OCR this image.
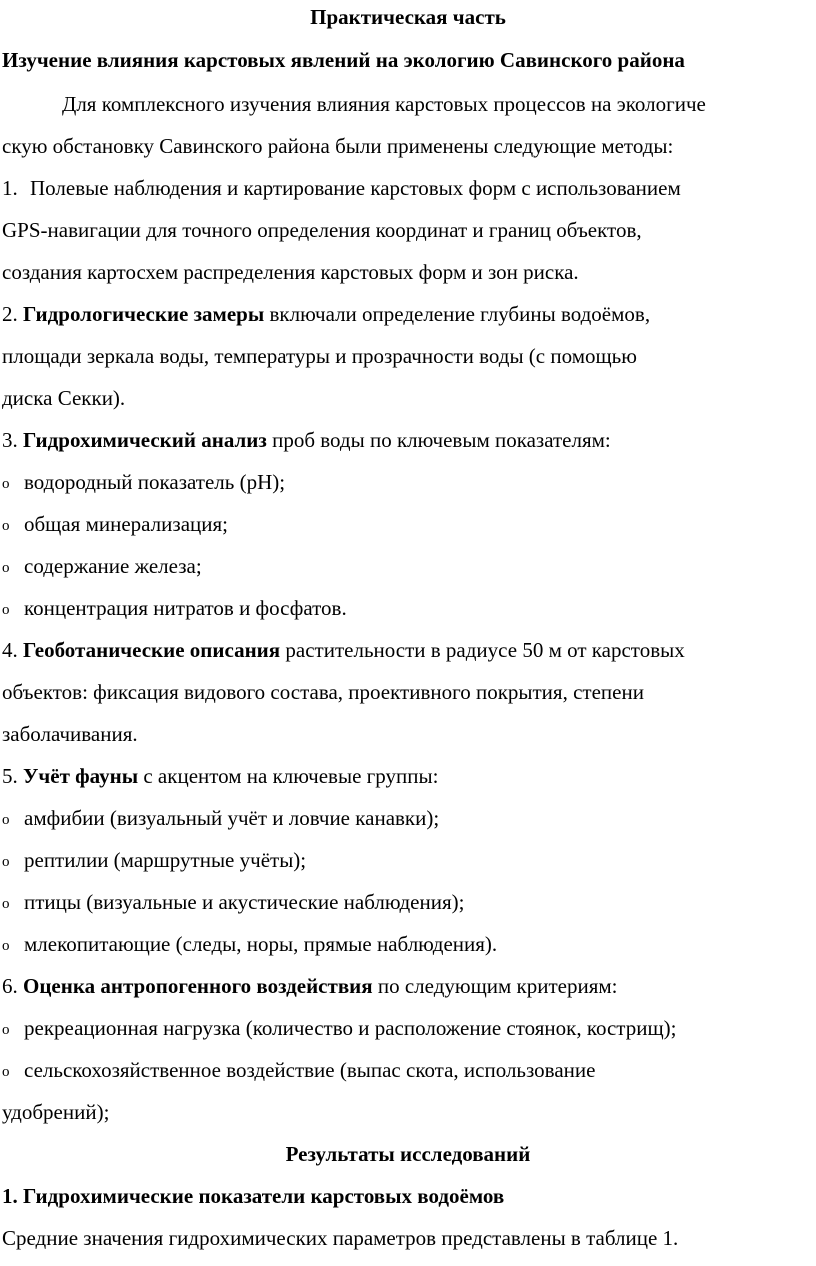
Практическая часть
Изучение влияния карстовых явлений на экологию Савинского района
Для комплексного изучения влияния карстовых процессов на экологиче
скую обстановку Савинского района были применены следующие методы:
1. Полевые наблюдения и картирование карстовых форм с использованием
GPS-навигации для точного определения координат и границ объектов,
создания картосхем распределения карстовых форм и зон риска.
2. Гидрологические замеры включали определение глубины водоёмов,
площади зеркала воды, температуры и прозрачности воды (с помощью
диска Секки).
3. Гидрохимический анализ проб воды по ключевым показателям:
o водородный показатель (pH);
o общая минерализация;
o содержание железа;
o концентрация нитратов и фосфатов.
4. Геоботанические описания растительности в радиусе 50 м от карстовых
объектов: фиксация видового состава, проективного покрытия, степени
заболачивания.
5. Учёт фауны с акцентом на ключевые группы:
o амфибии (визуальный учёт и ловчие канавки);
o рептилии (маршрутные учёты);
o птицы (визуальные и акустические наблюдения);
o млекопитающие (следы, норы, прямые наблюдения).
6. Оценка антропогенного воздействия по следующим критериям:
o рекреационная нагрузка (количество и расположение стоянок, кострищ);
o сельскохозяйственное воздействие (выпас скота, использование
удобрений);
Результаты исследований
1. Гидрохимические показатели карстовых водоёмов
Средние значения гидрохимических параметров представлены в таблице 1.
